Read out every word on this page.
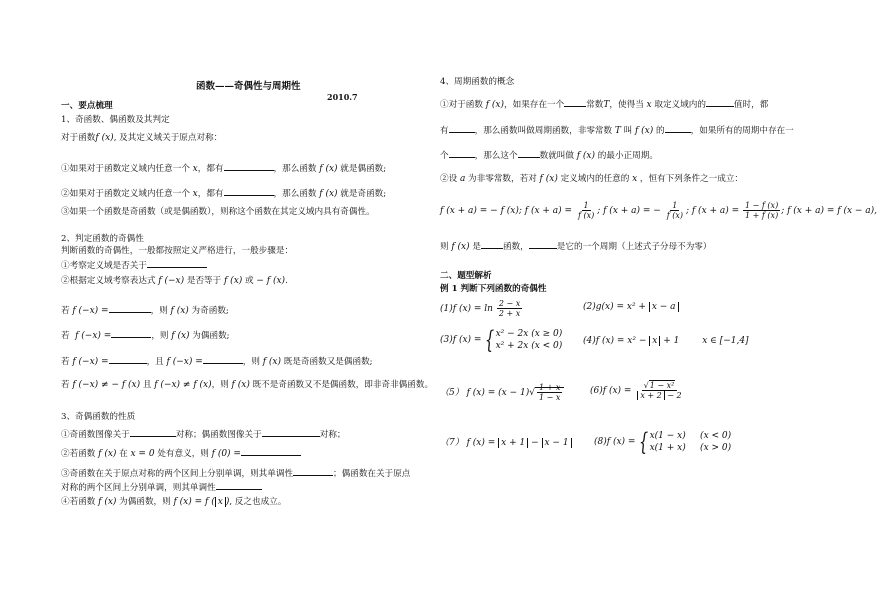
函数——奇偶性与周期性
2010.7
一、要点梳理
1、奇函数、偶函数及其判定
对于函数f (x), 及其定义域关于原点对称：
①如果对于函数定义域内任意一个 x，都有	，那么函数 f (x) 就是偶函数;
②如果对于函数定义域内任意一个 x，都有	，那么函数 f (x) 就是奇函数;
③如果一个函数是奇函数（或是偶函数），则称这个函数在其定义域内具有奇偶性。
2、判定函数的奇偶性
判断函数的奇偶性，一般都按照定义严格进行，一般步骤是：
①考察定义域是否关于
②根据定义域考察表达式 f (−x) 是否等于 f (x) 或 − f (x).
若 f (−x) =	，则 f (x) 为奇函数;
若 f (−x) =	，则 f (x) 为偶函数;
若 f (−x) =	，且 f (−x) =	，则 f (x) 既是奇函数又是偶函数;
若 f (−x) ≠ − f (x) 且 f (−x) ≠ f (x)，则 f (x) 既不是奇函数又不是偶函数，即非奇非偶函数。
3、奇偶函数的性质
①奇函数图像关于	对称；偶函数图像关于	对称；
②若函数 f (x) 在 x = 0 处有意义，则 f (0) =
③奇函数在关于原点对称的两个区间上分别单调，则其单调性	；偶函数在关于原点
对称的两个区间上分别单调，则其单调性
④若函数 f (x) 为偶函数，则 f (x) = f ( x ), 反之也成立。
4、周期函数的概念
①对于函数 f (x)，如果存在一个	常数T，使得当 x 取定义域内的	值时，都
有	，那么函数叫做周期函数，非零常数 T 叫 f (x) 的	，如果所有的周期中存在一
个	，那么这个	数就叫做 f (x) 的最小正周期。
②设 a 为非零常数，若对 f (x) 定义域内的任意的 x ，恒有下列条件之一成立：
f (x + a) = − f (x); f $(x + a) = \frac{1}{f (x)}$ ; f (x + a) = − $\frac{1}{f (x)}$ ; f $(x + a) = \frac{1 - f (x)}{1 + f (x)}$ ; f (x + a) = f (x − a),
则 f (x) 是	函数，	是它的一个周期（上述式子分母不为零）
二、题型解析
例 1 判断下列函数的奇偶性
(1)f $(x) = \ln \frac{2 - x}{2 + x}$	(2)g(x) = x² + x − a
(3)f (x) = { x² − 2x (x ≥ 0)
x² + 2x (x < 0) (4)f (x) = x² − x + 1        x ∈ [−1,4]
（5） f $(x) = (x - 1)√ \frac{1 + x}{1 - x}$	(6)f $(x) = \frac{\text{√1 − x²}}{x + 2 - 2}$
（7） f (x) = x + 1 − x − 1	(8)f (x) = { x(1 − x)     (x < 0)
x(1 + x)     (x > 0)
